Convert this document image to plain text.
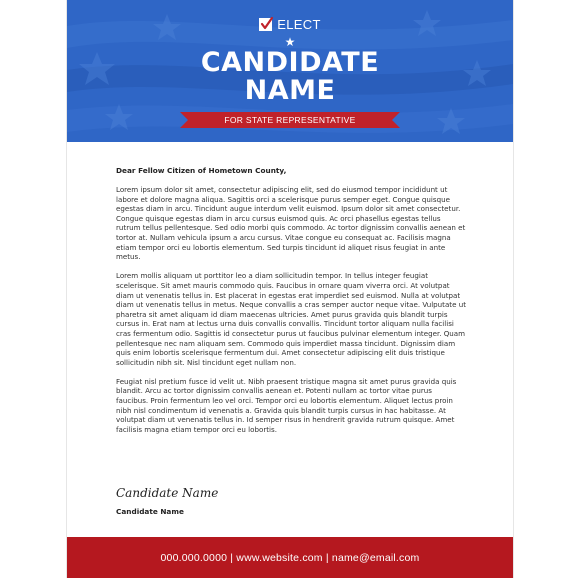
ELECT
★
CANDIDATE
NAME
FOR STATE REPRESENTATIVE

Dear Fellow Citizen of Hometown County,

Lorem ipsum dolor sit amet, consectetur adipiscing elit, sed do eiusmod tempor incididunt ut labore et dolore magna aliqua. Sagittis orci a scelerisque purus semper eget. Congue quisque egestas diam in arcu. Tincidunt augue interdum velit euismod. Ipsum dolor sit amet consectetur. Congue quisque egestas diam in arcu cursus euismod quis. Ac orci phasellus egestas tellus rutrum tellus pellentesque. Sed odio morbi quis commodo. Ac tortor dignissim convallis aenean et tortor at. Nullam vehicula ipsum a arcu cursus. Vitae congue eu consequat ac. Facilisis magna etiam tempor orci eu lobortis elementum. Sed turpis tincidunt id aliquet risus feugiat in ante metus.

Lorem mollis aliquam ut porttitor leo a diam sollicitudin tempor. In tellus integer feugiat scelerisque. Sit amet mauris commodo quis. Faucibus in ornare quam viverra orci. At volutpat diam ut venenatis tellus in. Est placerat in egestas erat imperdiet sed euismod. Nulla at volutpat diam ut venenatis tellus in metus. Neque convallis a cras semper auctor neque vitae. Vulputate ut pharetra sit amet aliquam id diam maecenas ultricies. Amet purus gravida quis blandit turpis cursus in. Erat nam at lectus urna duis convallis convallis. Tincidunt tortor aliquam nulla facilisi cras fermentum odio. Sagittis id consectetur purus ut faucibus pulvinar elementum integer. Quam pellentesque nec nam aliquam sem. Commodo quis imperdiet massa tincidunt. Dignissim diam quis enim lobortis scelerisque fermentum dui. Amet consectetur adipiscing elit duis tristique sollicitudin nibh sit. Nisl tincidunt eget nullam non.

Feugiat nisl pretium fusce id velit ut. Nibh praesent tristique magna sit amet purus gravida quis blandit. Arcu ac tortor dignissim convallis aenean et. Potenti nullam ac tortor vitae purus faucibus. Proin fermentum leo vel orci. Tempor orci eu lobortis elementum. Aliquet lectus proin nibh nisl condimentum id venenatis a. Gravida quis blandit turpis cursus in hac habitasse. At volutpat diam ut venenatis tellus in. Id semper risus in hendrerit gravida rutrum quisque. Amet facilisis magna etiam tempor orci eu lobortis.

Candidate Name
Candidate Name
000.000.0000 | www.website.com | name@email.com
